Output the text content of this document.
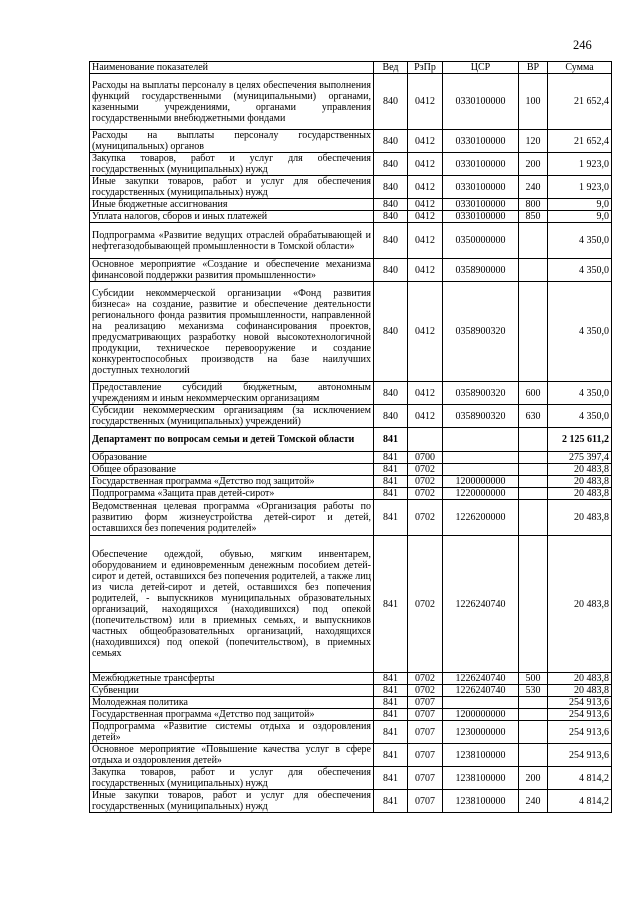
246
Наименование показателей	Вед	РзПр	ЦСР	ВР	Сумма
Расходы на выплаты персоналу в целях обеспечения выполнения функций государственными (муниципальными) органами, казенными учреждениями, органами управления государственными внебюджетными фондами	840	0412	0330100000	100	21 652,4
Расходы на выплаты персоналу государственных (муниципальных) органов	840	0412	0330100000	120	21 652,4
Закупка товаров, работ и услуг для обеспечения государственных (муниципальных) нужд	840	0412	0330100000	200	1 923,0
Иные закупки товаров, работ и услуг для обеспечения государственных (муниципальных) нужд	840	0412	0330100000	240	1 923,0
Иные бюджетные ассигнования	840	0412	0330100000	800	9,0
Уплата налогов, сборов и иных платежей	840	0412	0330100000	850	9,0
Подпрограмма «Развитие ведущих отраслей обрабатывающей и нефтегазодобывающей промышленности в Томской области»	840	0412	0350000000		4 350,0
Основное мероприятие «Создание и обеспечение механизма финансовой поддержки развития промышленности»	840	0412	0358900000		4 350,0
Субсидии некоммерческой организации «Фонд развития бизнеса» на создание, развитие и обеспечение деятельности регионального фонда развития промышленности, направленной на реализацию механизма софинансирования проектов, предусматривающих разработку новой высокотехнологичной продукции, техническое перевооружение и создание конкурентоспособных производств на базе наилучших доступных технологий	840	0412	0358900320		4 350,0
Предоставление субсидий бюджетным, автономным учреждениям и иным некоммерческим организациям	840	0412	0358900320	600	4 350,0
Субсидии некоммерческим организациям (за исключением государственных (муниципальных) учреждений)	840	0412	0358900320	630	4 350,0
Департамент по вопросам семьи и детей Томской области	841				2 125 611,2
Образование	841	0700			275 397,4
Общее образование	841	0702			20 483,8
Государственная программа «Детство под защитой»	841	0702	1200000000		20 483,8
Подпрограмма «Защита прав детей-сирот»	841	0702	1220000000		20 483,8
Ведомственная целевая программа «Организация работы по развитию форм жизнеустройства детей-сирот и детей, оставшихся без попечения родителей»	841	0702	1226200000		20 483,8
Обеспечение одеждой, обувью, мягким инвентарем, оборудованием и единовременным денежным пособием детей-сирот и детей, оставшихся без попечения родителей, а также лиц из числа детей-сирот и детей, оставшихся без попечения родителей, - выпускников муниципальных образовательных организаций, находящихся (находившихся) под опекой (попечительством) или в приемных семьях, и выпускников частных общеобразовательных организаций, находящихся (находившихся) под опекой (попечительством), в приемных семьях	841	0702	1226240740		20 483,8
Межбюджетные трансферты	841	0702	1226240740	500	20 483,8
Субвенции	841	0702	1226240740	530	20 483,8
Молодежная политика	841	0707			254 913,6
Государственная программа «Детство под защитой»	841	0707	1200000000		254 913,6
Подпрограмма «Развитие системы отдыха и оздоровления детей»	841	0707	1230000000		254 913,6
Основное мероприятие «Повышение качества услуг в сфере отдыха и оздоровления детей»	841	0707	1238100000		254 913,6
Закупка товаров, работ и услуг для обеспечения государственных (муниципальных) нужд	841	0707	1238100000	200	4 814,2
Иные закупки товаров, работ и услуг для обеспечения государственных (муниципальных) нужд	841	0707	1238100000	240	4 814,2
